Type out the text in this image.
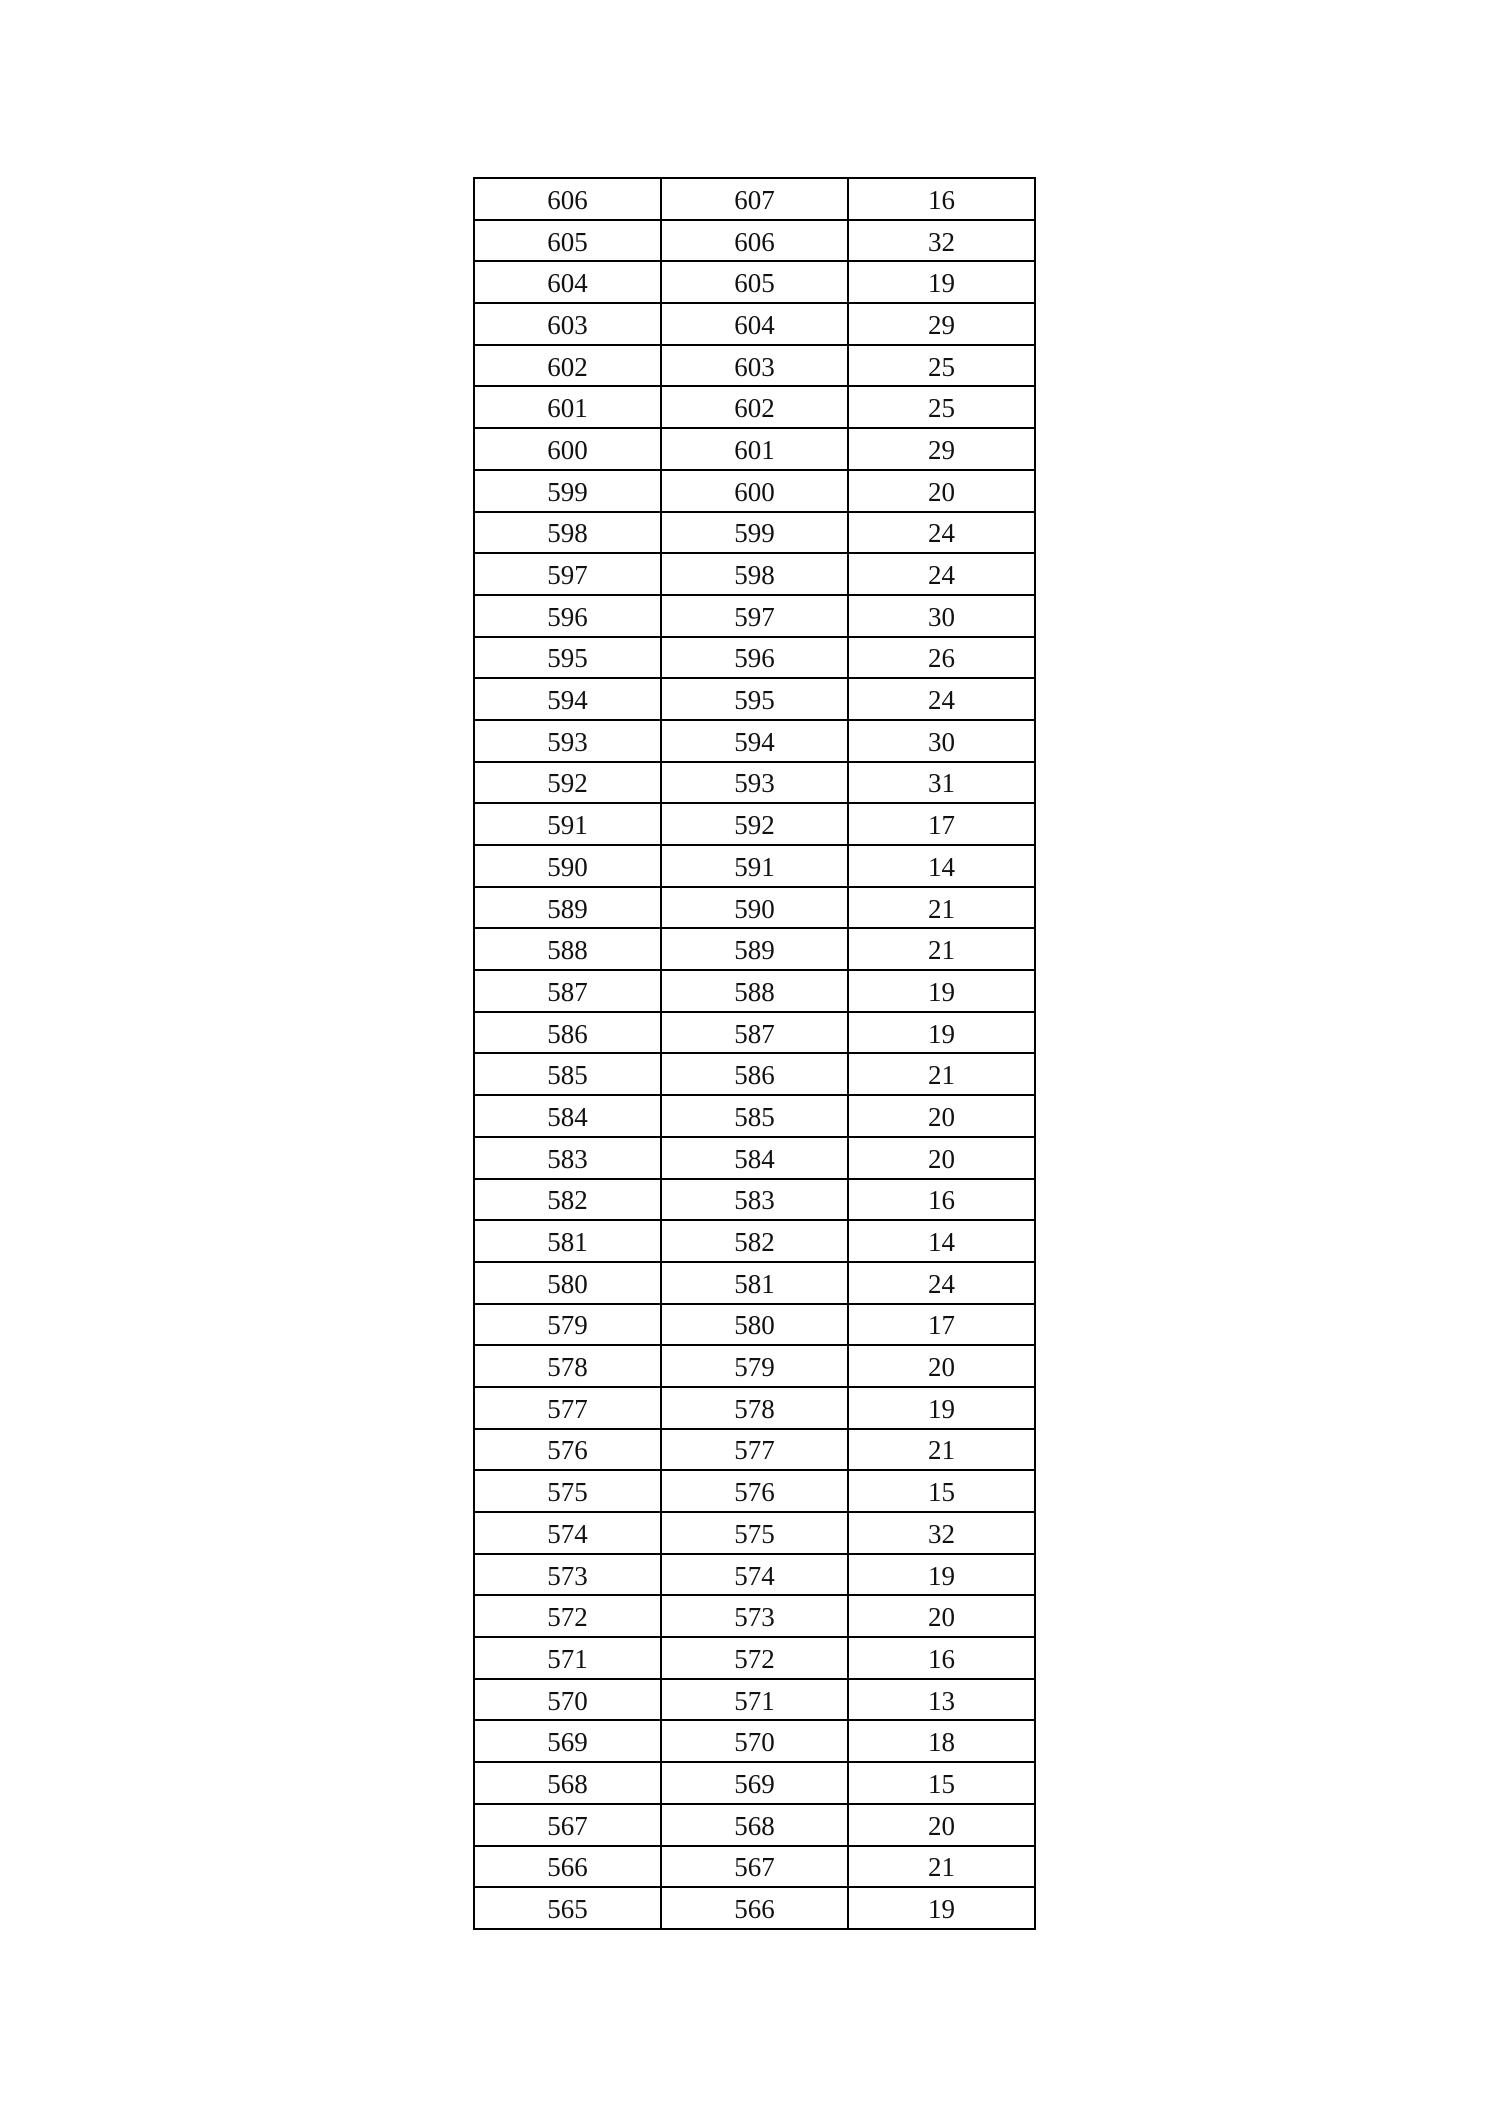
606	607	16
605	606	32
604	605	19
603	604	29
602	603	25
601	602	25
600	601	29
599	600	20
598	599	24
597	598	24
596	597	30
595	596	26
594	595	24
593	594	30
592	593	31
591	592	17
590	591	14
589	590	21
588	589	21
587	588	19
586	587	19
585	586	21
584	585	20
583	584	20
582	583	16
581	582	14
580	581	24
579	580	17
578	579	20
577	578	19
576	577	21
575	576	15
574	575	32
573	574	19
572	573	20
571	572	16
570	571	13
569	570	18
568	569	15
567	568	20
566	567	21
565	566	19
